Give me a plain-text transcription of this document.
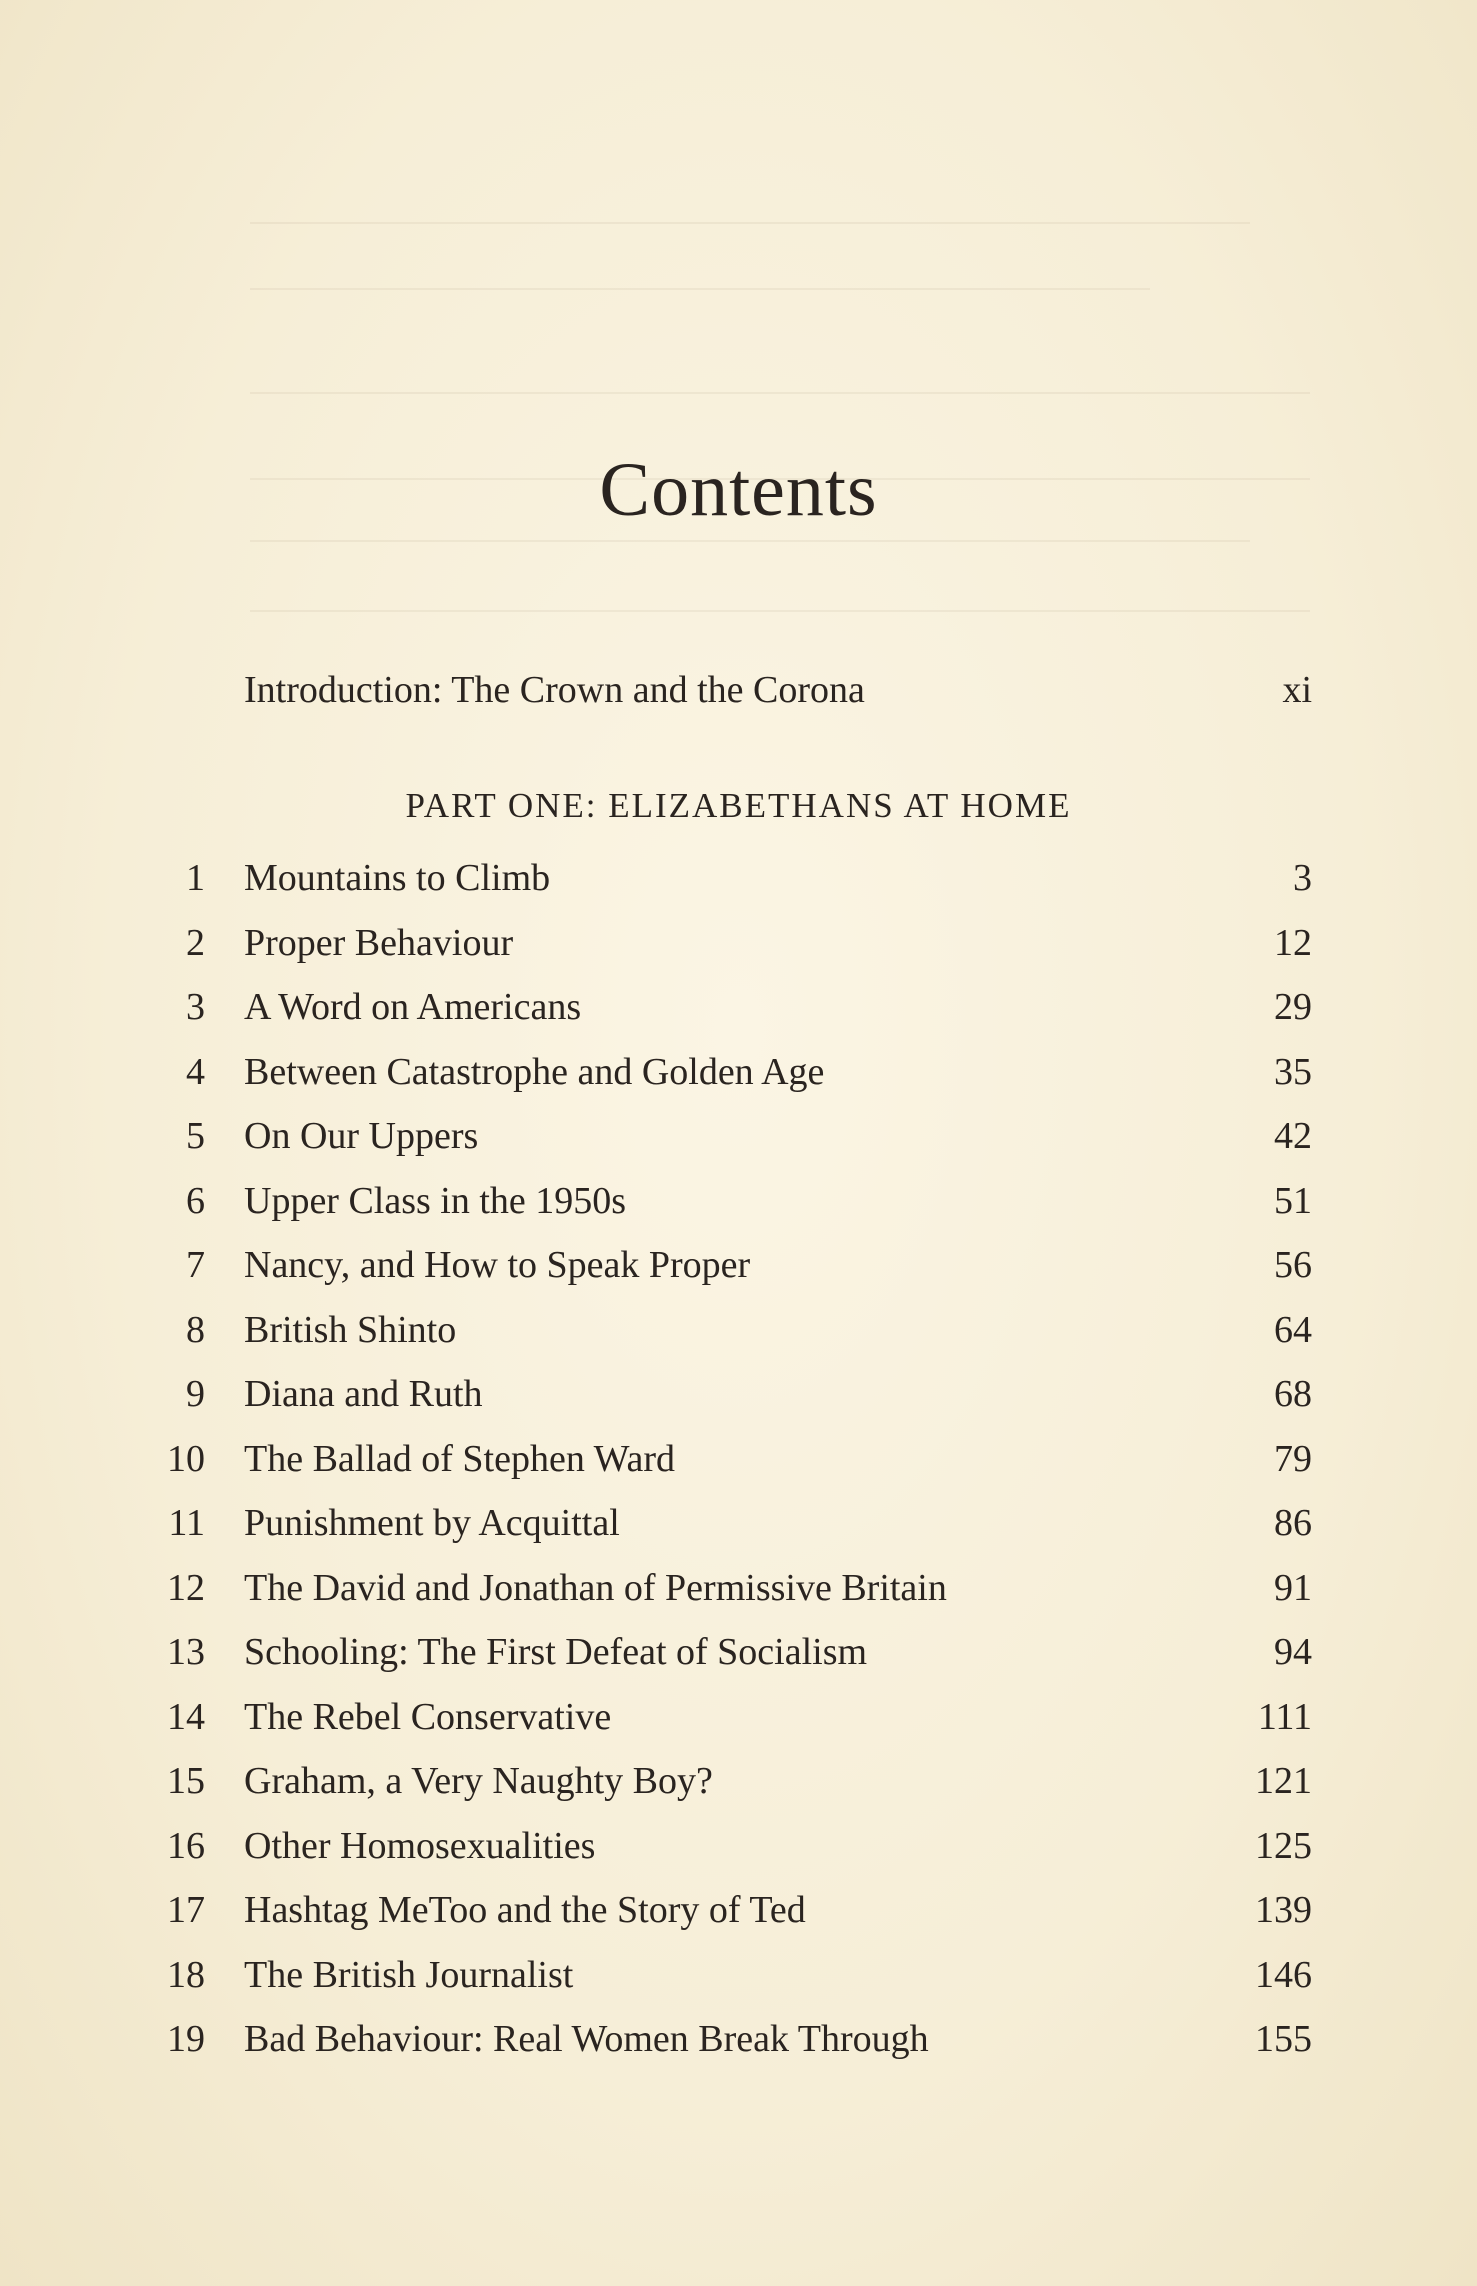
Contents
Introduction: The Crown and the Corona	xi
PART ONE: ELIZABETHANS AT HOME
1 Mountains to Climb	3
2 Proper Behaviour	12
3 A Word on Americans	29
4 Between Catastrophe and Golden Age	35
5 On Our Uppers	42
6 Upper Class in the 1950s	51
7 Nancy, and How to Speak Proper	56
8 British Shinto	64
9 Diana and Ruth	68
10 The Ballad of Stephen Ward	79
11 Punishment by Acquittal	86
12 The David and Jonathan of Permissive Britain	91
13 Schooling: The First Defeat of Socialism	94
14 The Rebel Conservative	111
15 Graham, a Very Naughty Boy?	121
16 Other Homosexualities	125
17 Hashtag MeToo and the Story of Ted	139
18 The British Journalist	146
19 Bad Behaviour: Real Women Break Through	155
